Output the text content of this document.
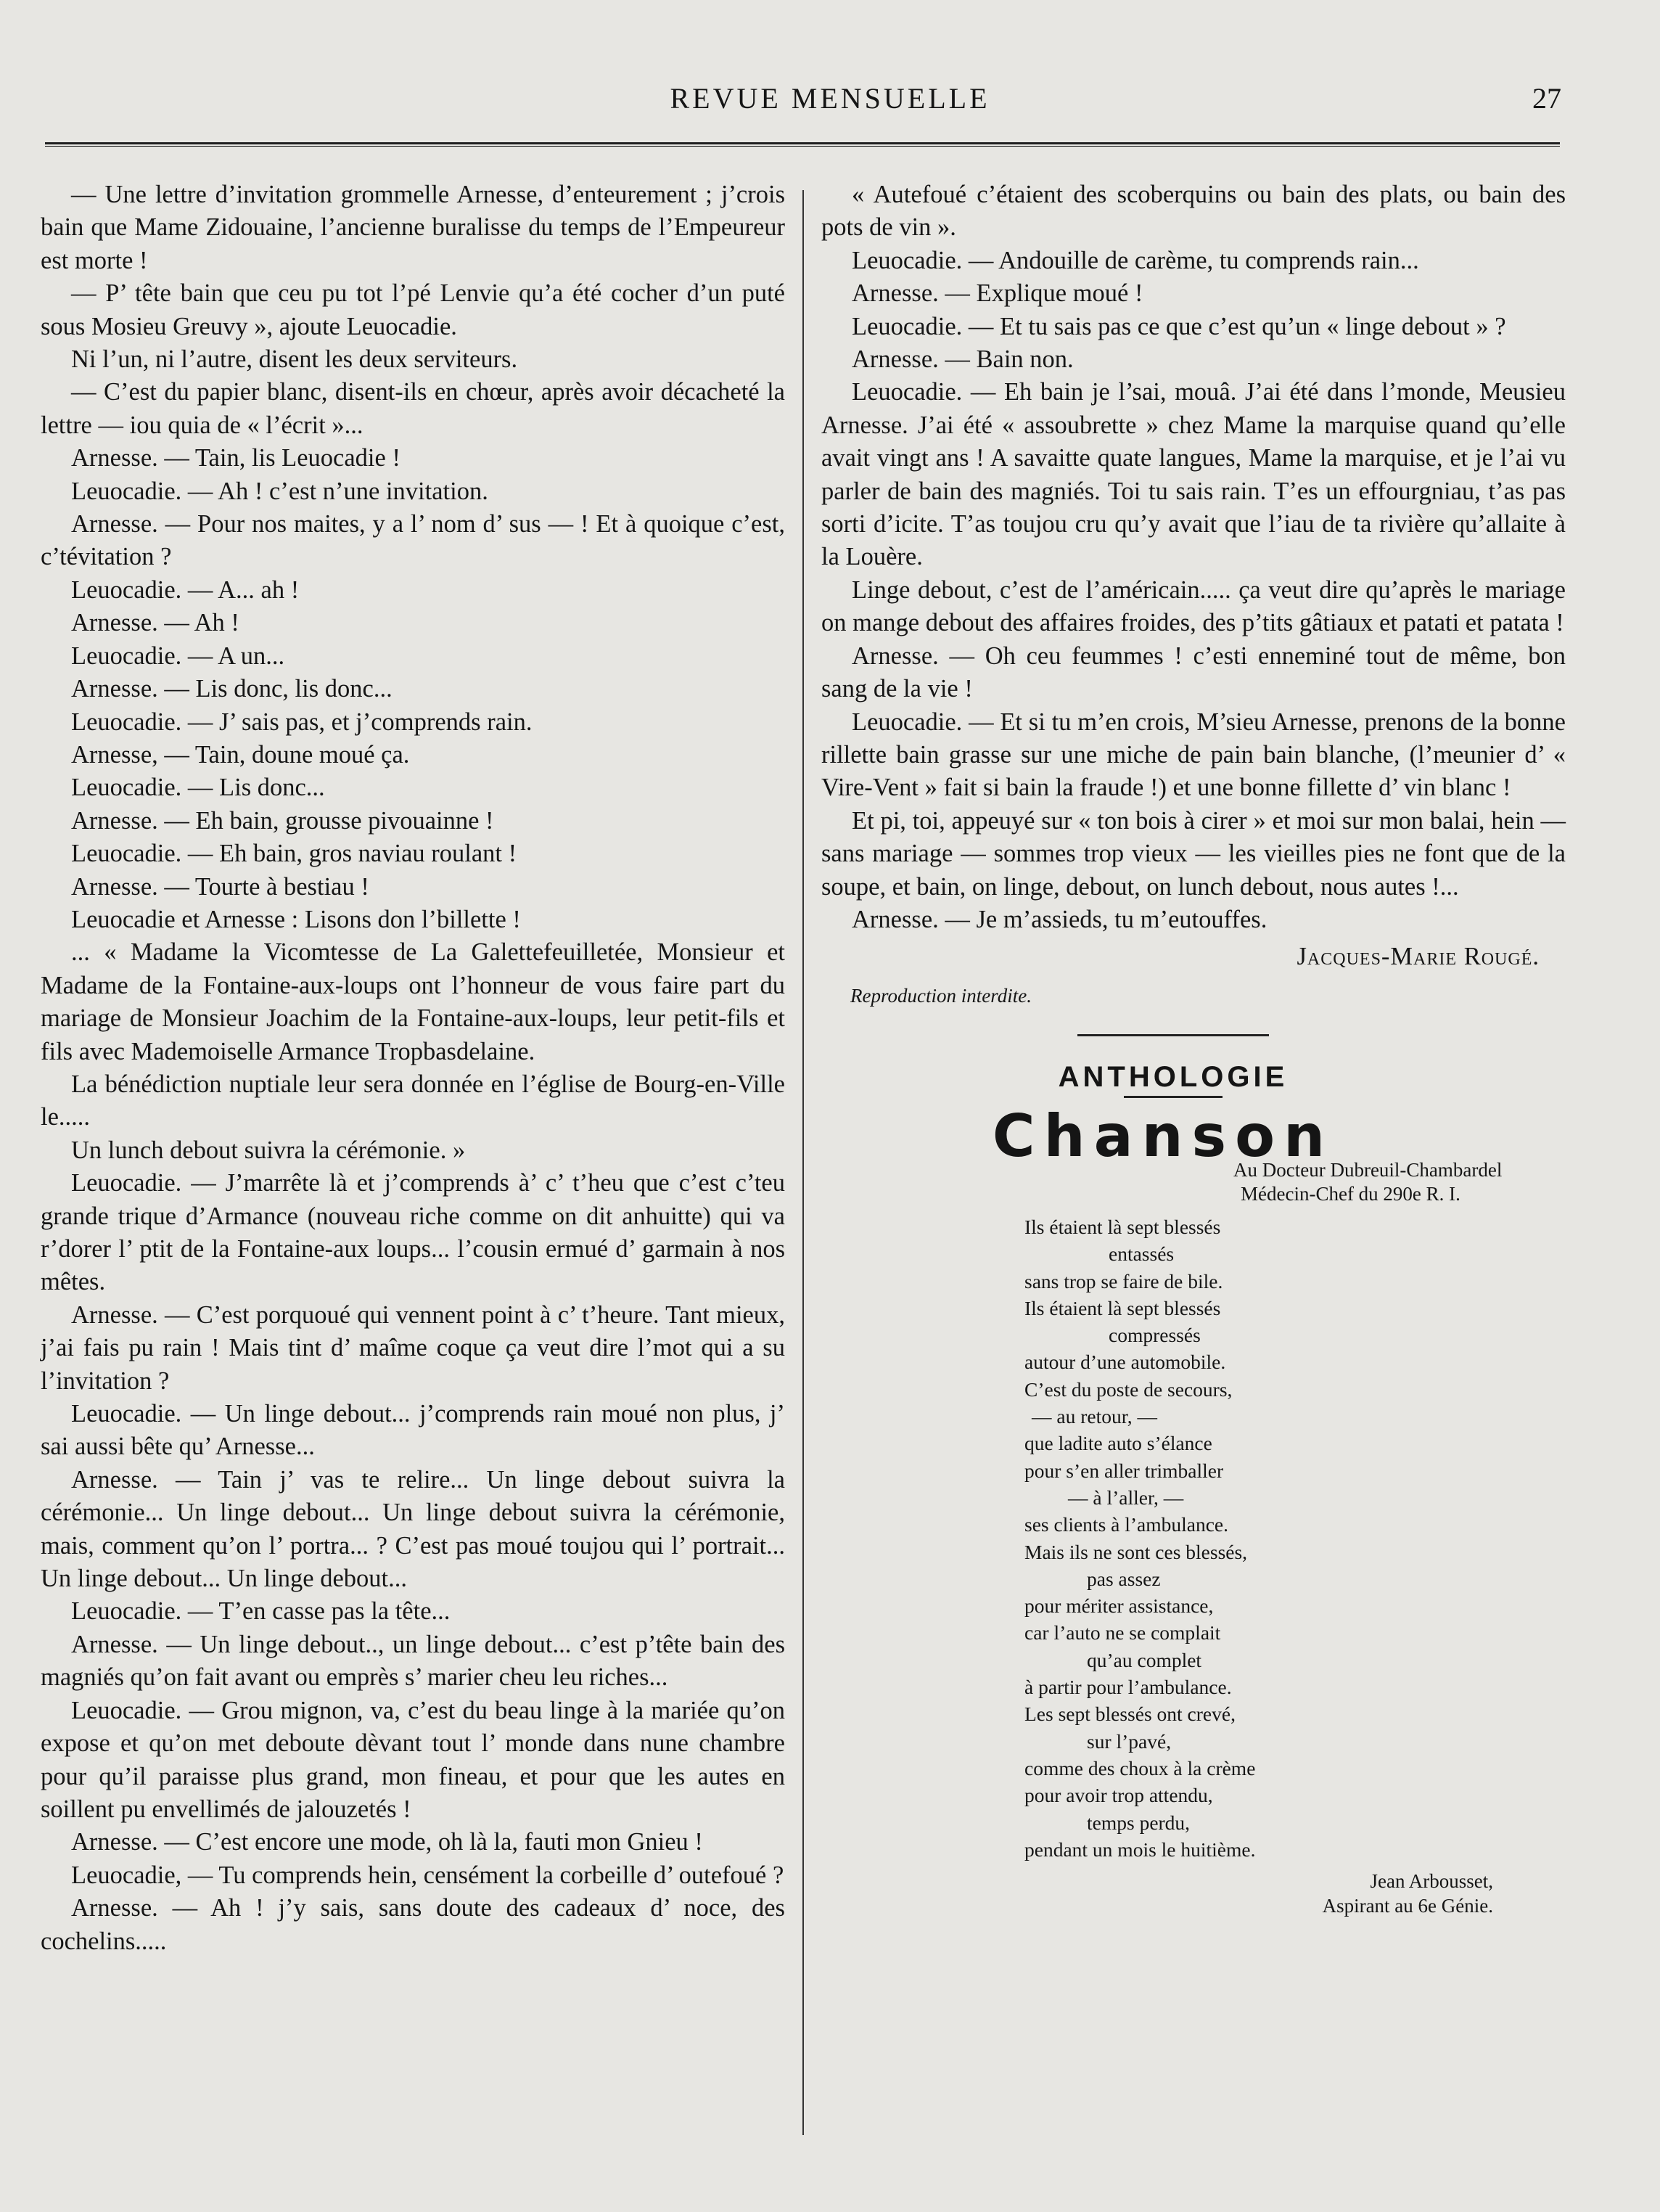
REVUE MENSUELLE	27

— Une lettre d’invitation grommelle Arnesse, d’enteurement ; j’crois bain que Mame Zidouaine, l’ancienne buralisse du temps de l’Empeureur est morte !

— P’ tête bain que ceu pu tot l’pé Lenvie qu’a été cocher d’un puté sous Mosieu Greuvy », ajoute Leuocadie.

Ni l’un, ni l’autre, disent les deux serviteurs.

— C’est du papier blanc, disent-ils en chœur, après avoir décacheté la lettre — iou quia de « l’écrit »...

Arnesse. — Tain, lis Leuocadie !

Leuocadie. — Ah ! c’est n’une invitation.

Arnesse. — Pour nos maites, y a l’ nom d’ sus — ! Et à quoique c’est, c’tévitation ?

Leuocadie. — A... ah !

Arnesse. — Ah !

Leuocadie. — A un...

Arnesse. — Lis donc, lis donc...

Leuocadie. — J’ sais pas, et j’comprends rain.

Arnesse, — Tain, doune moué ça.

Leuocadie. — Lis donc...

Arnesse. — Eh bain, grousse pivouainne !

Leuocadie. — Eh bain, gros naviau roulant !

Arnesse. — Tourte à bestiau !

Leuocadie et Arnesse : Lisons don l’billette !

... « Madame la Vicomtesse de La Galettefeuilletée, Monsieur et Madame de la Fontaine-aux-loups ont l’honneur de vous faire part du mariage de Monsieur Joachim de la Fontaine-aux-loups, leur petit-fils et fils avec Mademoiselle Armance Tropbasdelaine.

La bénédiction nuptiale leur sera donnée en l’église de Bourg-en-Ville le.....

Un lunch debout suivra la cérémonie. »

Leuocadie. — J’marrête là et j’comprends à’ c’ t’heu que c’est c’teu grande trique d’Armance (nouveau riche comme on dit anhuitte) qui va r’dorer l’ ptit de la Fontaine-aux loups... l’cousin ermué d’ garmain à nos mêtes.

Arnesse. — C’est porquoué qui vennent point à c’ t’heure. Tant mieux, j’ai fais pu rain ! Mais tint d’ maîme coque ça veut dire l’mot qui a su l’invitation ?

Leuocadie. — Un linge debout... j’comprends rain moué non plus, j’ sai aussi bête qu’ Arnesse...

Arnesse. — Tain j’ vas te relire... Un linge debout suivra la cérémonie... Un linge debout... Un linge debout suivra la cérémonie, mais, comment qu’on l’ portra... ? C’est pas moué toujou qui l’ portrait... Un linge debout... Un linge debout...

Leuocadie. — T’en casse pas la tête...

Arnesse. — Un linge debout.., un linge debout... c’est p’tête bain des magniés qu’on fait avant ou emprès s’ marier cheu leu riches...

Leuocadie. — Grou mignon, va, c’est du beau linge à la mariée qu’on expose et qu’on met deboute dèvant tout l’ monde dans nune chambre pour qu’il paraisse plus grand, mon fineau, et pour que les autes en soillent pu envellimés de jalouzetés !

Arnesse. — C’est encore une mode, oh là la, fauti mon Gnieu !

Leuocadie, — Tu comprends hein, censément la corbeille d’ outefoué ?

Arnesse. — Ah ! j’y sais, sans doute des cadeaux d’ noce, des cochelins.....

« Autefoué c’étaient des scoberquins ou bain des plats, ou bain des pots de vin ».

Leuocadie. — Andouille de carème, tu comprends rain...

Arnesse. — Explique moué !

Leuocadie. — Et tu sais pas ce que c’est qu’un « linge debout » ?

Arnesse. — Bain non.

Leuocadie. — Eh bain je l’sai, mouâ. J’ai été dans l’monde, Meusieu Arnesse. J’ai été « assoubrette » chez Mame la marquise quand qu’elle avait vingt ans ! A savaitte quate langues, Mame la marquise, et je l’ai vu parler de bain des magniés. Toi tu sais rain. T’es un effourgniau, t’as pas sorti d’icite. T’as toujou cru qu’y avait que l’iau de ta rivière qu’allaite à la Louère.

Linge debout, c’est de l’américain..... ça veut dire qu’après le mariage on mange debout des affaires froides, des p’tits gâtiaux et patati et patata !

Arnesse. — Oh ceu feummes ! c’esti enneminé tout de même, bon sang de la vie !

Leuocadie. — Et si tu m’en crois, M’sieu Arnesse, prenons de la bonne rillette bain grasse sur une miche de pain bain blanche, (l’meunier d’ « Vire-Vent » fait si bain la fraude !) et une bonne fillette d’ vin blanc !

Et pi, toi, appeuyé sur « ton bois à cirer » et moi sur mon balai, hein — sans mariage — sommes trop vieux — les vieilles pies ne font que de la soupe, et bain, on linge, debout, on lunch debout, nous autes !...

Arnesse. — Je m’assieds, tu m’eutouffes.

Jacques-Marie Rougé.
Reproduction interdite.
ANTHOLOGIE
Chanson
Au Docteur Dubreuil-Chambardel
Médecin-Chef du 290e R. I.
Ils étaient là sept blessés
entassés
sans trop se faire de bile.
Ils étaient là sept blessés
compressés
autour d’une automobile.
C’est du poste de secours,
— au retour, —
que ladite auto s’élance
pour s’en aller trimballer
— à l’aller, —
ses clients à l’ambulance.
Mais ils ne sont ces blessés,
pas assez
pour mériter assistance,
car l’auto ne se complait
qu’au complet
à partir pour l’ambulance.
Les sept blessés ont crevé,
sur l’pavé,
comme des choux à la crème
pour avoir trop attendu,
temps perdu,
pendant un mois le huitième.
Jean Arbousset,
Aspirant au 6e Génie.
